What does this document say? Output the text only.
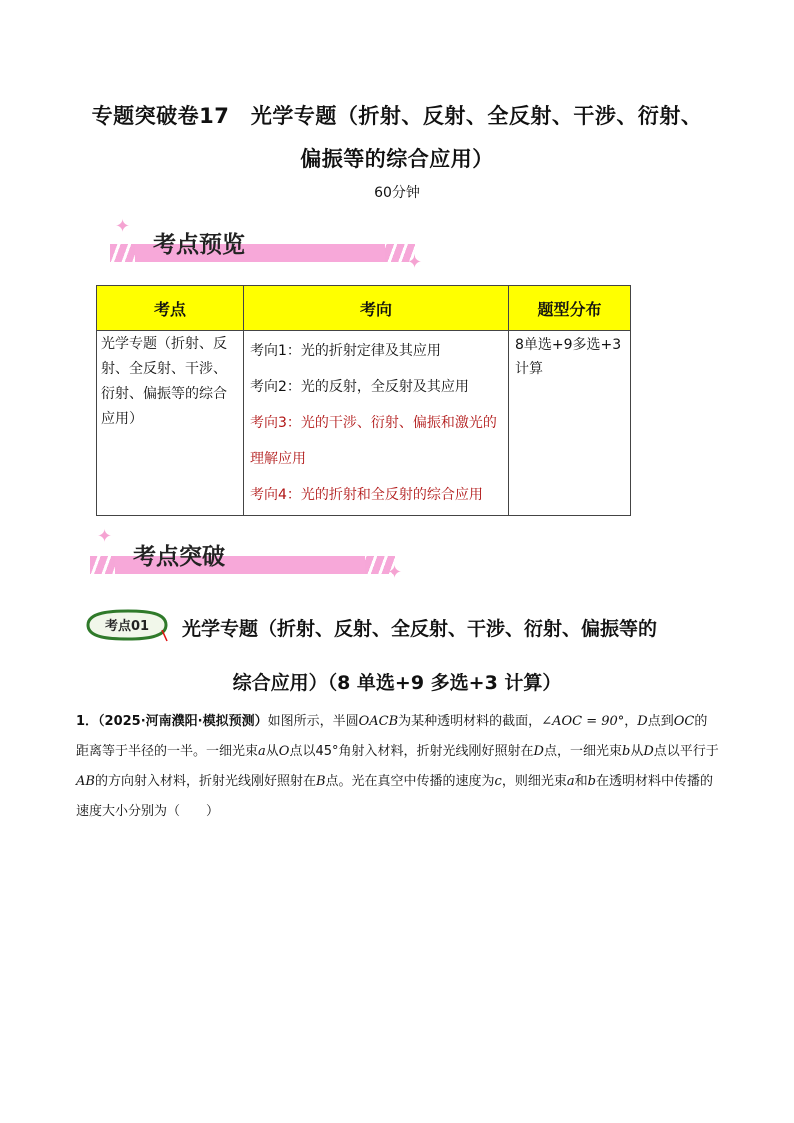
专题突破卷17　光学专题（折射、反射、全反射、干涉、衍射、
偏振等的综合应用）
60分钟
✦
考点预览
✦
考点	考向	题型分布
光学专题（折射、反射、全反射、干涉、衍射、偏振等的综合应用）	考向1：光的折射定律及其应用
考向2：光的反射，全反射及其应用
考向3：光的干涉、衍射、偏振和激光的理解应用
考向4：光的折射和全反射的综合应用	8单选+9多选+3计算
✦
考点突破
✦
考点01 光学专题（折射、反射、全反射、干涉、衍射、偏振等的
综合应用）（8 单选+9 多选+3 计算）
1．（2025·河南濮阳·模拟预测）如图所示，半圆OACB为某种透明材料的截面，∠AOC = 90°，D点到OC的距离等于半径的一半。一细光束a从O点以45°角射入材料，折射光线刚好照射在D点，一细光束b从D点以平行于AB的方向射入材料，折射光线刚好照射在B点。光在真空中传播的速度为c，则细光束a和b在透明材料中传播的速度大小分别为（　　）
